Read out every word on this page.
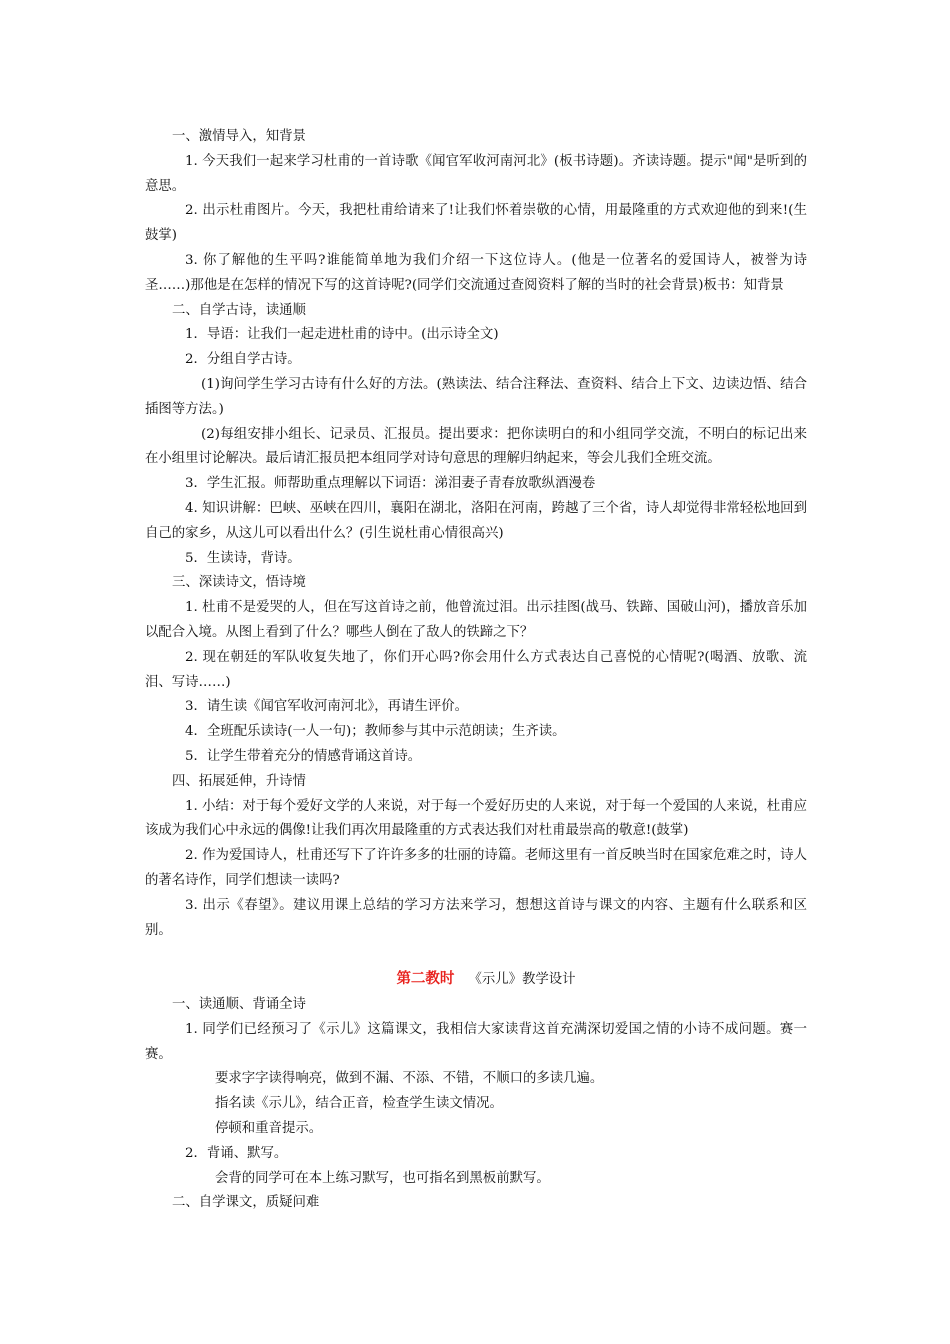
一、激情导入，知背景

1. 今天我们一起来学习杜甫的一首诗歌《闻官军收河南河北》(板书诗题)。齐读诗题。提示"闻"是听到的意思。

2. 出示杜甫图片。今天，我把杜甫给请来了!让我们怀着崇敬的心情，用最隆重的方式欢迎他的到来!(生鼓掌)

3. 你了解他的生平吗?谁能简单地为我们介绍一下这位诗人。(他是一位著名的爱国诗人，被誉为诗圣……)那他是在怎样的情况下写的这首诗呢?(同学们交流通过查阅资料了解的当时的社会背景)板书：知背景

二、自学古诗，读通顺

1．导语：让我们一起走进杜甫的诗中。(出示诗全文)

2．分组自学古诗。

(1)询问学生学习古诗有什么好的方法。(熟读法、结合注释法、查资料、结合上下文、边读边悟、结合插图等方法。)

(2)每组安排小组长、记录员、汇报员。提出要求：把你读明白的和小组同学交流，不明白的标记出来在小组里讨论解决。最后请汇报员把本组同学对诗句意思的理解归纳起来，等会儿我们全班交流。

3．学生汇报。师帮助重点理解以下词语：涕泪妻子青春放歌纵酒漫卷

4. 知识讲解：巴峡、巫峡在四川，襄阳在湖北，洛阳在河南，跨越了三个省，诗人却觉得非常轻松地回到自己的家乡，从这儿可以看出什么？(引生说杜甫心情很高兴)

5．生读诗，背诗。

三、深读诗文，悟诗境

1. 杜甫不是爱哭的人，但在写这首诗之前，他曾流过泪。出示挂图(战马、铁蹄、国破山河)，播放音乐加以配合入境。从图上看到了什么？哪些人倒在了敌人的铁蹄之下？

2. 现在朝廷的军队收复失地了，你们开心吗?你会用什么方式表达自己喜悦的心情呢?(喝酒、放歌、流泪、写诗……)

3．请生读《闻官军收河南河北》，再请生评价。

4．全班配乐读诗(一人一句)；教师参与其中示范朗读；生齐读。

5．让学生带着充分的情感背诵这首诗。

四、拓展延伸，升诗情

1. 小结：对于每个爱好文学的人来说，对于每一个爱好历史的人来说，对于每一个爱国的人来说，杜甫应该成为我们心中永远的偶像!让我们再次用最隆重的方式表达我们对杜甫最崇高的敬意!(鼓掌)

2. 作为爱国诗人，杜甫还写下了许许多多的壮丽的诗篇。老师这里有一首反映当时在国家危难之时，诗人的著名诗作，同学们想读一读吗?

3. 出示《春望》。建议用课上总结的学习方法来学习，想想这首诗与课文的内容、主题有什么联系和区别。

第二教时 《示儿》教学设计

一、读通顺、背诵全诗

1. 同学们已经预习了《示儿》这篇课文，我相信大家读背这首充满深切爱国之情的小诗不成问题。赛一赛。

要求字字读得响亮，做到不漏、不添、不错，不顺口的多读几遍。

指名读《示儿》，结合正音，检查学生读文情况。

停顿和重音提示。

2．背诵、默写。

会背的同学可在本上练习默写，也可指名到黑板前默写。

二、自学课文，质疑问难
